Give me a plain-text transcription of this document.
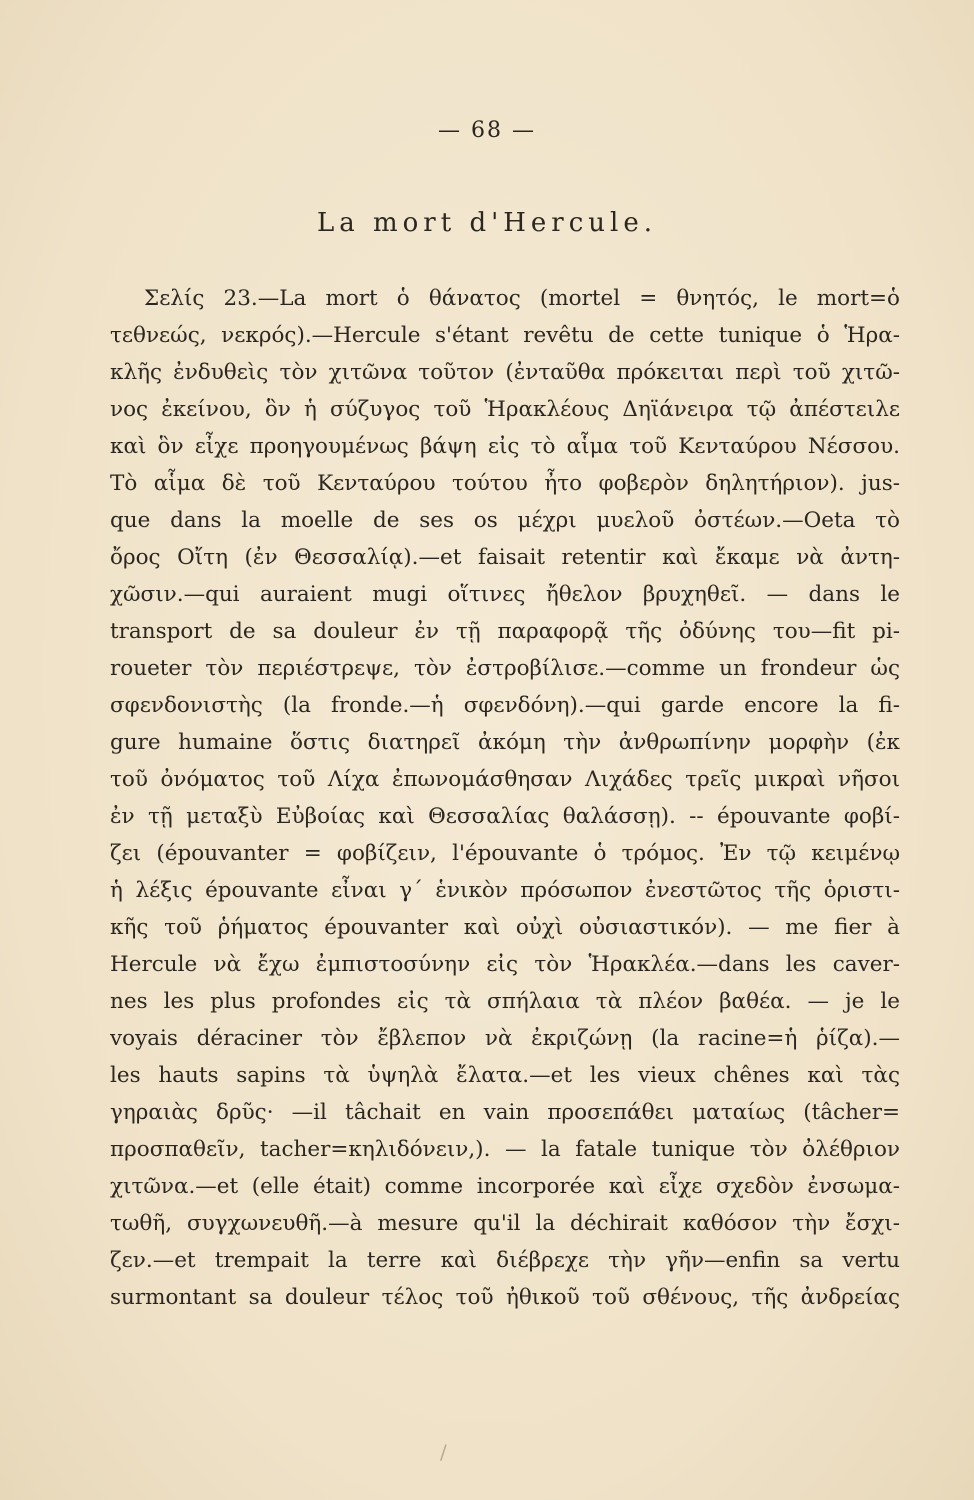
— 68 —
La mort d'Hercule.
Σελίς 23.—La mort ὁ θάνατος (mortel = θνητός, le mort=ὁ
τεθνεώς, νεκρός).—Hercule s'étant revêtu de cette tunique ὁ Ἡρα-
κλῆς ἐνδυθεὶς τὸν χιτῶνα τοῦτον (ἐνταῦθα πρόκειται περὶ τοῦ χιτῶ-
νος ἐκείνου, ὃν ἡ σύζυγος τοῦ Ἡρακλέους Δηϊάνειρα τῷ ἀπέστειλε
καὶ ὃν εἶχε προηγουμένως βάψη εἰς τὸ αἷμα τοῦ Κενταύρου Νέσσου.
Τὸ αἷμα δὲ τοῦ Κενταύρου τούτου ἦτο φοβερὸν δηλητήριον). jus-
que dans la moelle de ses os μέχρι μυελοῦ ὀστέων.—Oeta τὸ
ὄρος Οἴτη (ἐν Θεσσαλίᾳ).—et faisait retentir καὶ ἔκαμε νὰ ἀντη-
χῶσιν.—qui auraient mugi οἵτινες ἤθελον βρυχηθεῖ. — dans le
transport de sa douleur ἐν τῇ παραφορᾷ τῆς ὀδύνης του—fit pi-
roueter τὸν περιέστρεψε, τὸν ἐστροβίλισε.—comme un frondeur ὡς
σφενδονιστὴς (la fronde.—ἡ σφενδόνη).—qui garde encore la fi-
gure humaine ὅστις διατηρεῖ ἀκόμη τὴν ἀνθρωπίνην μορφὴν (ἐκ
τοῦ ὀνόματος τοῦ Λίχα ἐπωνομάσθησαν Λιχάδες τρεῖς μικραὶ νῆσοι
ἐν τῇ μεταξὺ Εὐβοίας καὶ Θεσσαλίας θαλάσσῃ). -- épouvante φοβί-
ζει (épouvanter = φοβίζειν, l'épouvante ὁ τρόμος. Ἐν τῷ κειμένῳ
ἡ λέξις épouvante εἶναι γ΄ ἑνικὸν πρόσωπον ἐνεστῶτος τῆς ὁριστι-
κῆς τοῦ ῥήματος épouvanter καὶ οὐχὶ οὐσιαστικόν). — me fier à
Hercule νὰ ἔχω ἐμπιστοσύνην εἰς τὸν Ἡρακλέα.—dans les caver-
nes les plus profondes εἰς τὰ σπήλαια τὰ πλέον βαθέα. — je le
voyais déraciner τὸν ἔβλεπον νὰ ἐκριζώνῃ (la racine=ἡ ῥίζα).—
les hauts sapins τὰ ὑψηλὰ ἔλατα.—et les vieux chênes καὶ τὰς
γηραιὰς δρῦς· —il tâchait en vain προσεπάθει ματαίως (tâcher=
προσπαθεῖν, tacher=κηλιδόνειν,). — la fatale tunique τὸν ὀλέθριον
χιτῶνα.—et (elle était) comme incorporée καὶ εἶχε σχεδὸν ἐνσωμα-
τωθῆ, συγχωνευθῆ.—à mesure qu'il la déchirait καθόσον τὴν ἔσχι-
ζεν.—et trempait la terre καὶ διέβρεχε τὴν γῆν—enfin sa vertu
surmontant sa douleur τέλος τοῦ ἠθικοῦ τοῦ σθένους, τῆς ἀνδρείας
/
